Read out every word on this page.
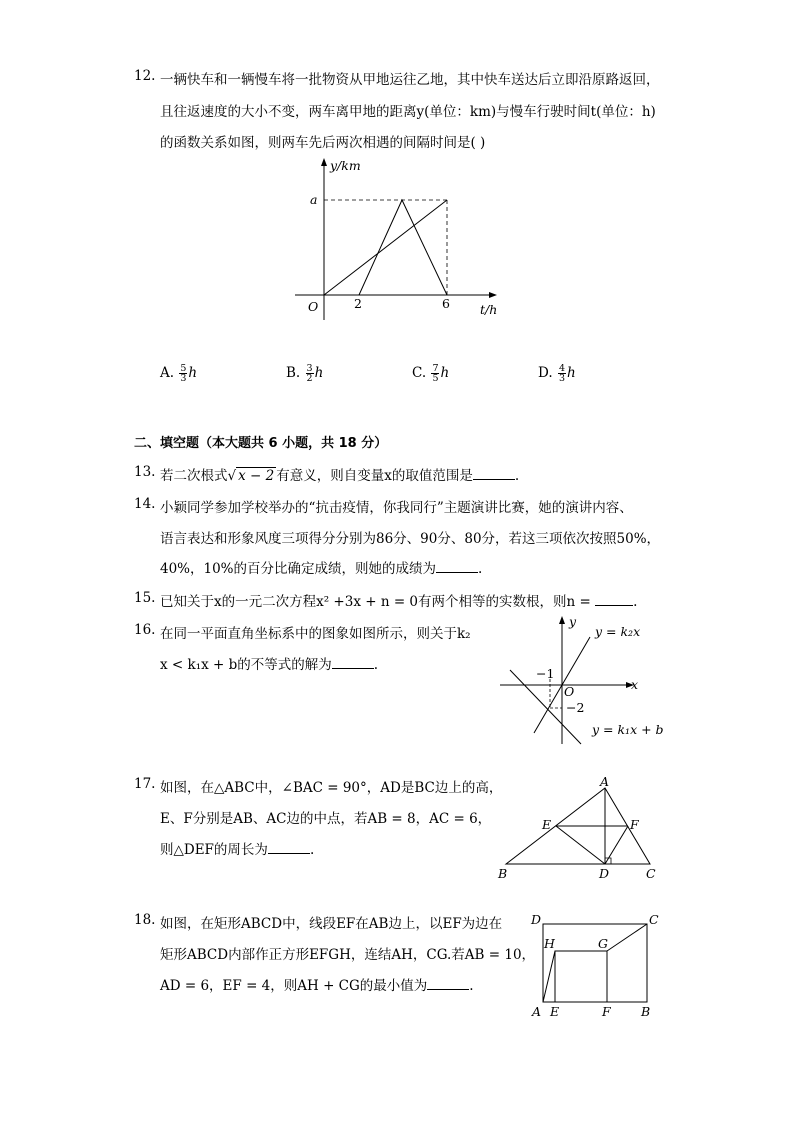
12. 一辆快车和一辆慢车将一批物资从甲地运往乙地，其中快车送达后立即沿原路返回，
且往返速度的大小不变，两车离甲地的距离y(单位：km)与慢车行驶时间t(单位：h)
的函数关系如图，则两车先后两次相遇的间隔时间是( )
y/km
a
O	2	6 t/h
A. $\frac{5}{3}$ h	B. $\frac{3}{2}$ h	C. $\frac{7}{5}$ h	D. $\frac{4}{3}$ h
二、填空题（本大题共 6 小题，共 18 分）
13. 若二次根式√ x − 2 有意义，则自变量x的取值范围是	.
14. 小颖同学参加学校举办的“抗击疫情，你我同行”主题演讲比赛，她的演讲内容、
语言表达和形象风度三项得分分别为86分、90分、80分，若这三项依次按照50%，
40%，10%的百分比确定成绩，则她的成绩为	.
15. 已知关于x的一元二次方程x² +3x + n = 0有两个相等的实数根，则n =	.
16. 在同一平面直角坐标系中的图象如图所示，则关于k₂
x < k₁x + b的不等式的解为	.
y
y = k₂x
−1
O	x
−2
y = k₁x + b
17. 如图，在△ABC中，∠BAC = 90°，AD是BC边上的高，
E、F分别是AB、AC边的中点，若AB = 8，AC = 6，
则△DEF的周长为	.
A
E	F
B	D	C
18. 如图，在矩形ABCD中，线段EF在AB边上，以EF为边在
矩形ABCD内部作正方形EFGH，连结AH，CG.若AB = 10，
AD = 6，EF = 4，则AH + CG的最小值为	.
D	C
H	G
A E	F B
